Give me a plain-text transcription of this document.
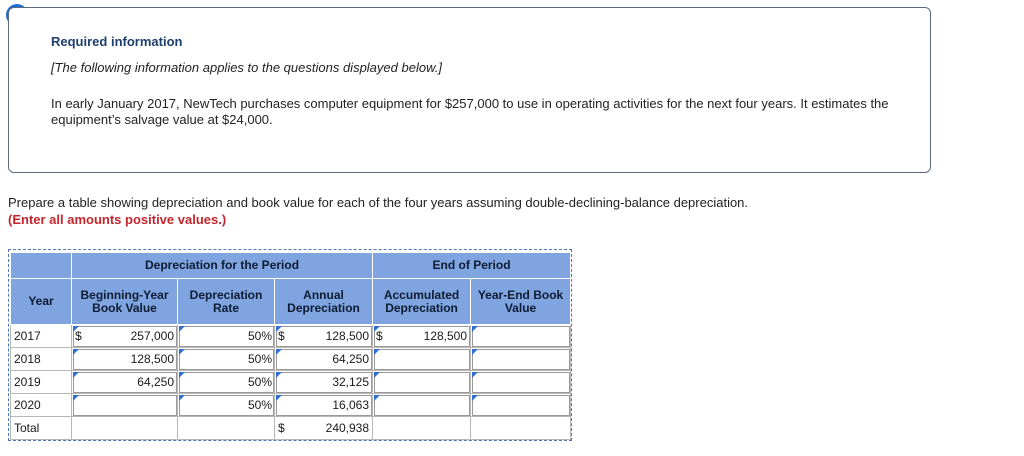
Required information

[The following information applies to the questions displayed below.]

In early January 2017, NewTech purchases computer equipment for $257,000 to use in operating activities for the next four years. It estimates the equipment’s salvage value at $24,000.

Prepare a table showing depreciation and book value for each of the four years assuming double-declining-balance depreciation.
(Enter all amounts positive values.)

	Depreciation for the Period			End of Period	
Year	Beginning-Year Book Value	Depreciation Rate	Annual Depreciation	Accumulated Depreciation	Year-End Book Value
2017	$ 257,000	50%	$ 128,500	$ 128,500	

2018	128,500	50%	64,250		

2019	64,250	50%	32,125		

2020		50%	16,063		

Total			$ 240,938		
